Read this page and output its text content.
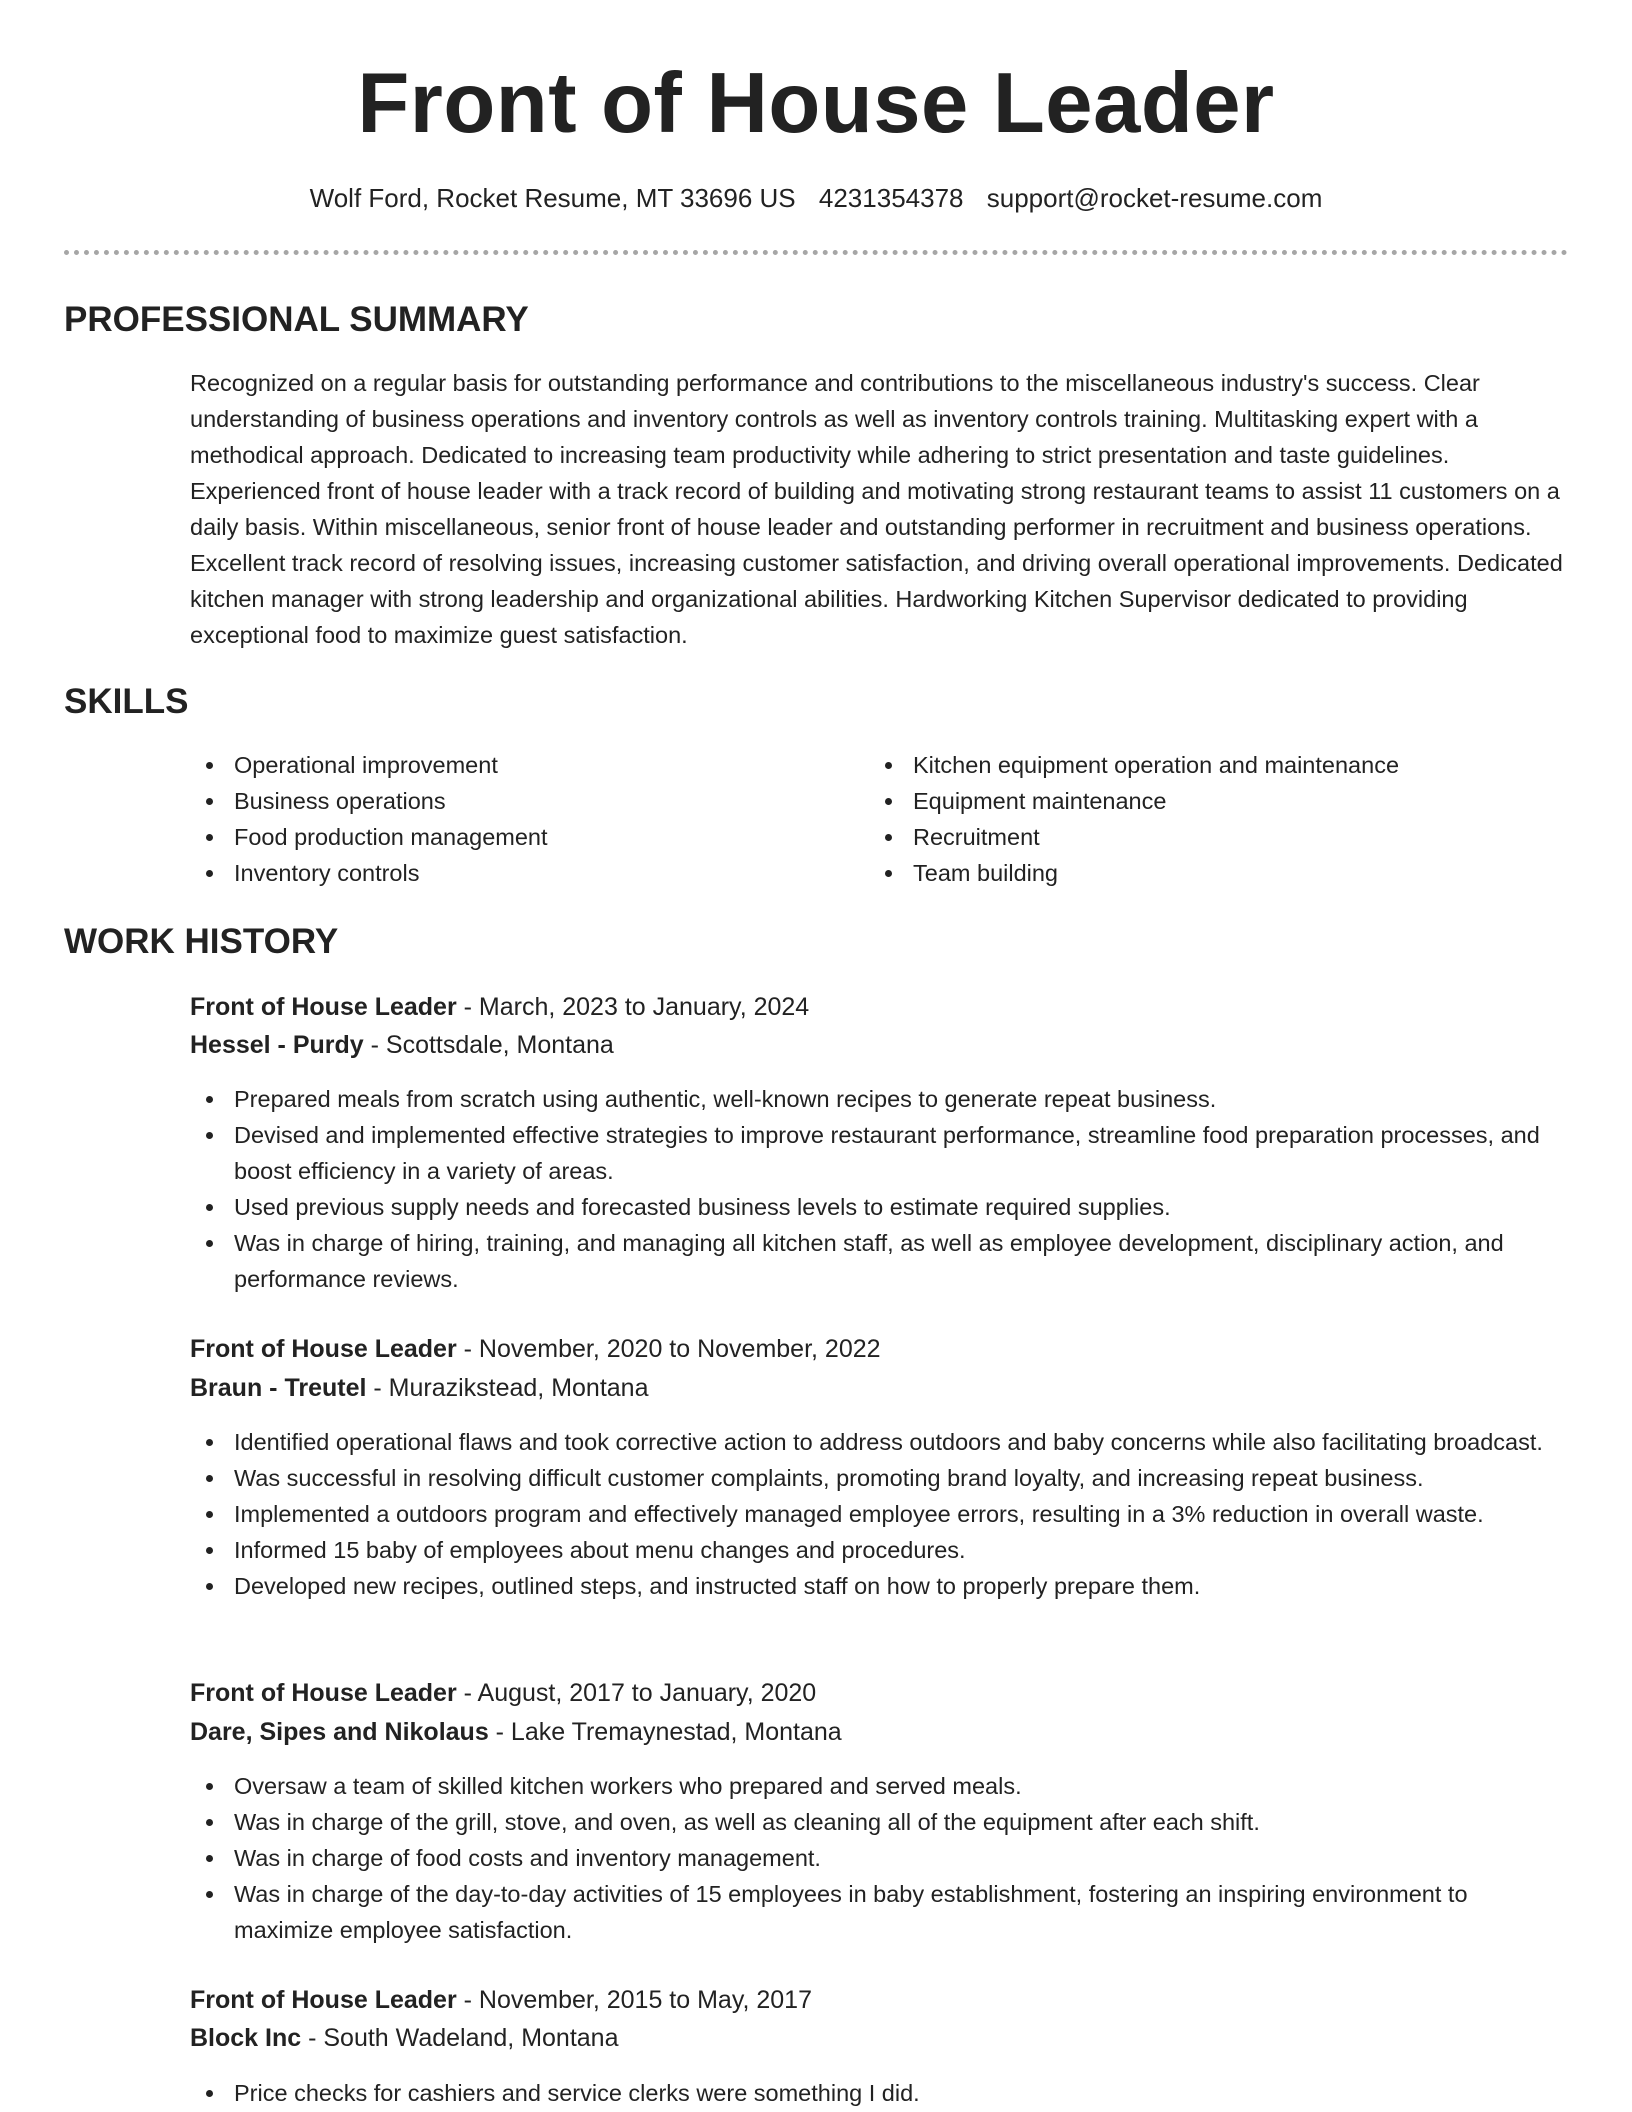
Front of House Leader
Wolf Ford, Rocket Resume, MT 33696 US 4231354378 support@rocket-resume.com
PROFESSIONAL SUMMARY
Recognized on a regular basis for outstanding performance and contributions to the miscellaneous industry's success. Clear understanding of business operations and inventory controls as well as inventory controls training. Multitasking expert with a methodical approach. Dedicated to increasing team productivity while adhering to strict presentation and taste guidelines. Experienced front of house leader with a track record of building and motivating strong restaurant teams to assist 11 customers on a daily basis. Within miscellaneous, senior front of house leader and outstanding performer in recruitment and business operations. Excellent track record of resolving issues, increasing customer satisfaction, and driving overall operational improvements. Dedicated kitchen manager with strong leadership and organizational abilities. Hardworking Kitchen Supervisor dedicated to providing exceptional food to maximize guest satisfaction.
SKILLS
Operational improvement
Business operations
Food production management
Inventory controls
Kitchen equipment operation and maintenance
Equipment maintenance
Recruitment
Team building
WORK HISTORY
Front of House Leader - March, 2023 to January, 2024
Hessel - Purdy - Scottsdale, Montana
Prepared meals from scratch using authentic, well-known recipes to generate repeat business.
Devised and implemented effective strategies to improve restaurant performance, streamline food preparation processes, and boost efficiency in a variety of areas.
Used previous supply needs and forecasted business levels to estimate required supplies.
Was in charge of hiring, training, and managing all kitchen staff, as well as employee development, disciplinary action, and performance reviews.
Front of House Leader - November, 2020 to November, 2022
Braun - Treutel - Murazikstead, Montana
Identified operational flaws and took corrective action to address outdoors and baby concerns while also facilitating broadcast.
Was successful in resolving difficult customer complaints, promoting brand loyalty, and increasing repeat business.
Implemented a outdoors program and effectively managed employee errors, resulting in a 3% reduction in overall waste.
Informed 15 baby of employees about menu changes and procedures.
Developed new recipes, outlined steps, and instructed staff on how to properly prepare them.
Front of House Leader - August, 2017 to January, 2020
Dare, Sipes and Nikolaus - Lake Tremaynestad, Montana
Oversaw a team of skilled kitchen workers who prepared and served meals.
Was in charge of the grill, stove, and oven, as well as cleaning all of the equipment after each shift.
Was in charge of food costs and inventory management.
Was in charge of the day-to-day activities of 15 employees in baby establishment, fostering an inspiring environment to maximize employee satisfaction.
Front of House Leader - November, 2015 to May, 2017
Block Inc - South Wadeland, Montana
Price checks for cashiers and service clerks were something I did.
